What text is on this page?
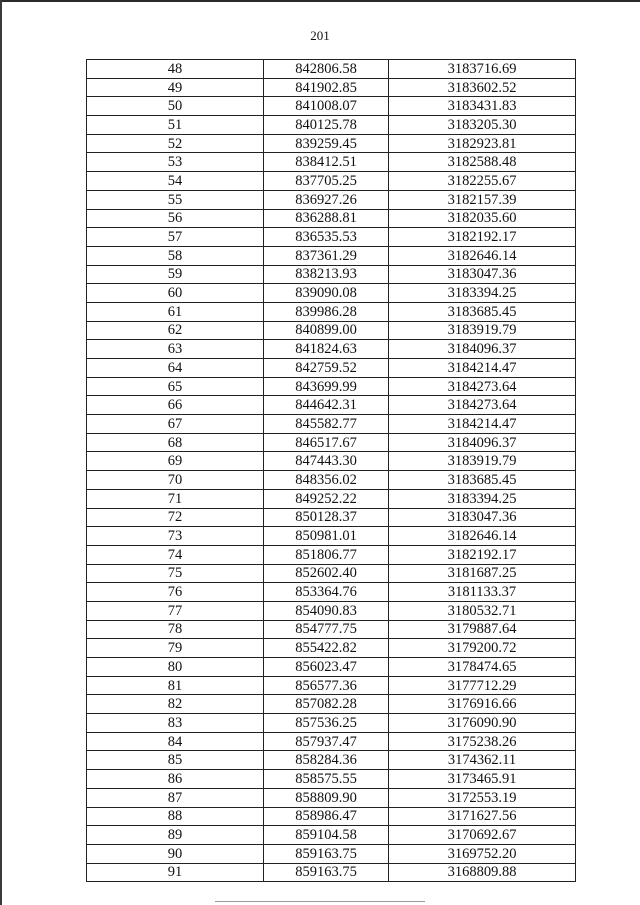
201
48	842806.58	3183716.69
49	841902.85	3183602.52
50	841008.07	3183431.83
51	840125.78	3183205.30
52	839259.45	3182923.81
53	838412.51	3182588.48
54	837705.25	3182255.67
55	836927.26	3182157.39
56	836288.81	3182035.60
57	836535.53	3182192.17
58	837361.29	3182646.14
59	838213.93	3183047.36
60	839090.08	3183394.25
61	839986.28	3183685.45
62	840899.00	3183919.79
63	841824.63	3184096.37
64	842759.52	3184214.47
65	843699.99	3184273.64
66	844642.31	3184273.64
67	845582.77	3184214.47
68	846517.67	3184096.37
69	847443.30	3183919.79
70	848356.02	3183685.45
71	849252.22	3183394.25
72	850128.37	3183047.36
73	850981.01	3182646.14
74	851806.77	3182192.17
75	852602.40	3181687.25
76	853364.76	3181133.37
77	854090.83	3180532.71
78	854777.75	3179887.64
79	855422.82	3179200.72
80	856023.47	3178474.65
81	856577.36	3177712.29
82	857082.28	3176916.66
83	857536.25	3176090.90
84	857937.47	3175238.26
85	858284.36	3174362.11
86	858575.55	3173465.91
87	858809.90	3172553.19
88	858986.47	3171627.56
89	859104.58	3170692.67
90	859163.75	3169752.20
91	859163.75	3168809.88
